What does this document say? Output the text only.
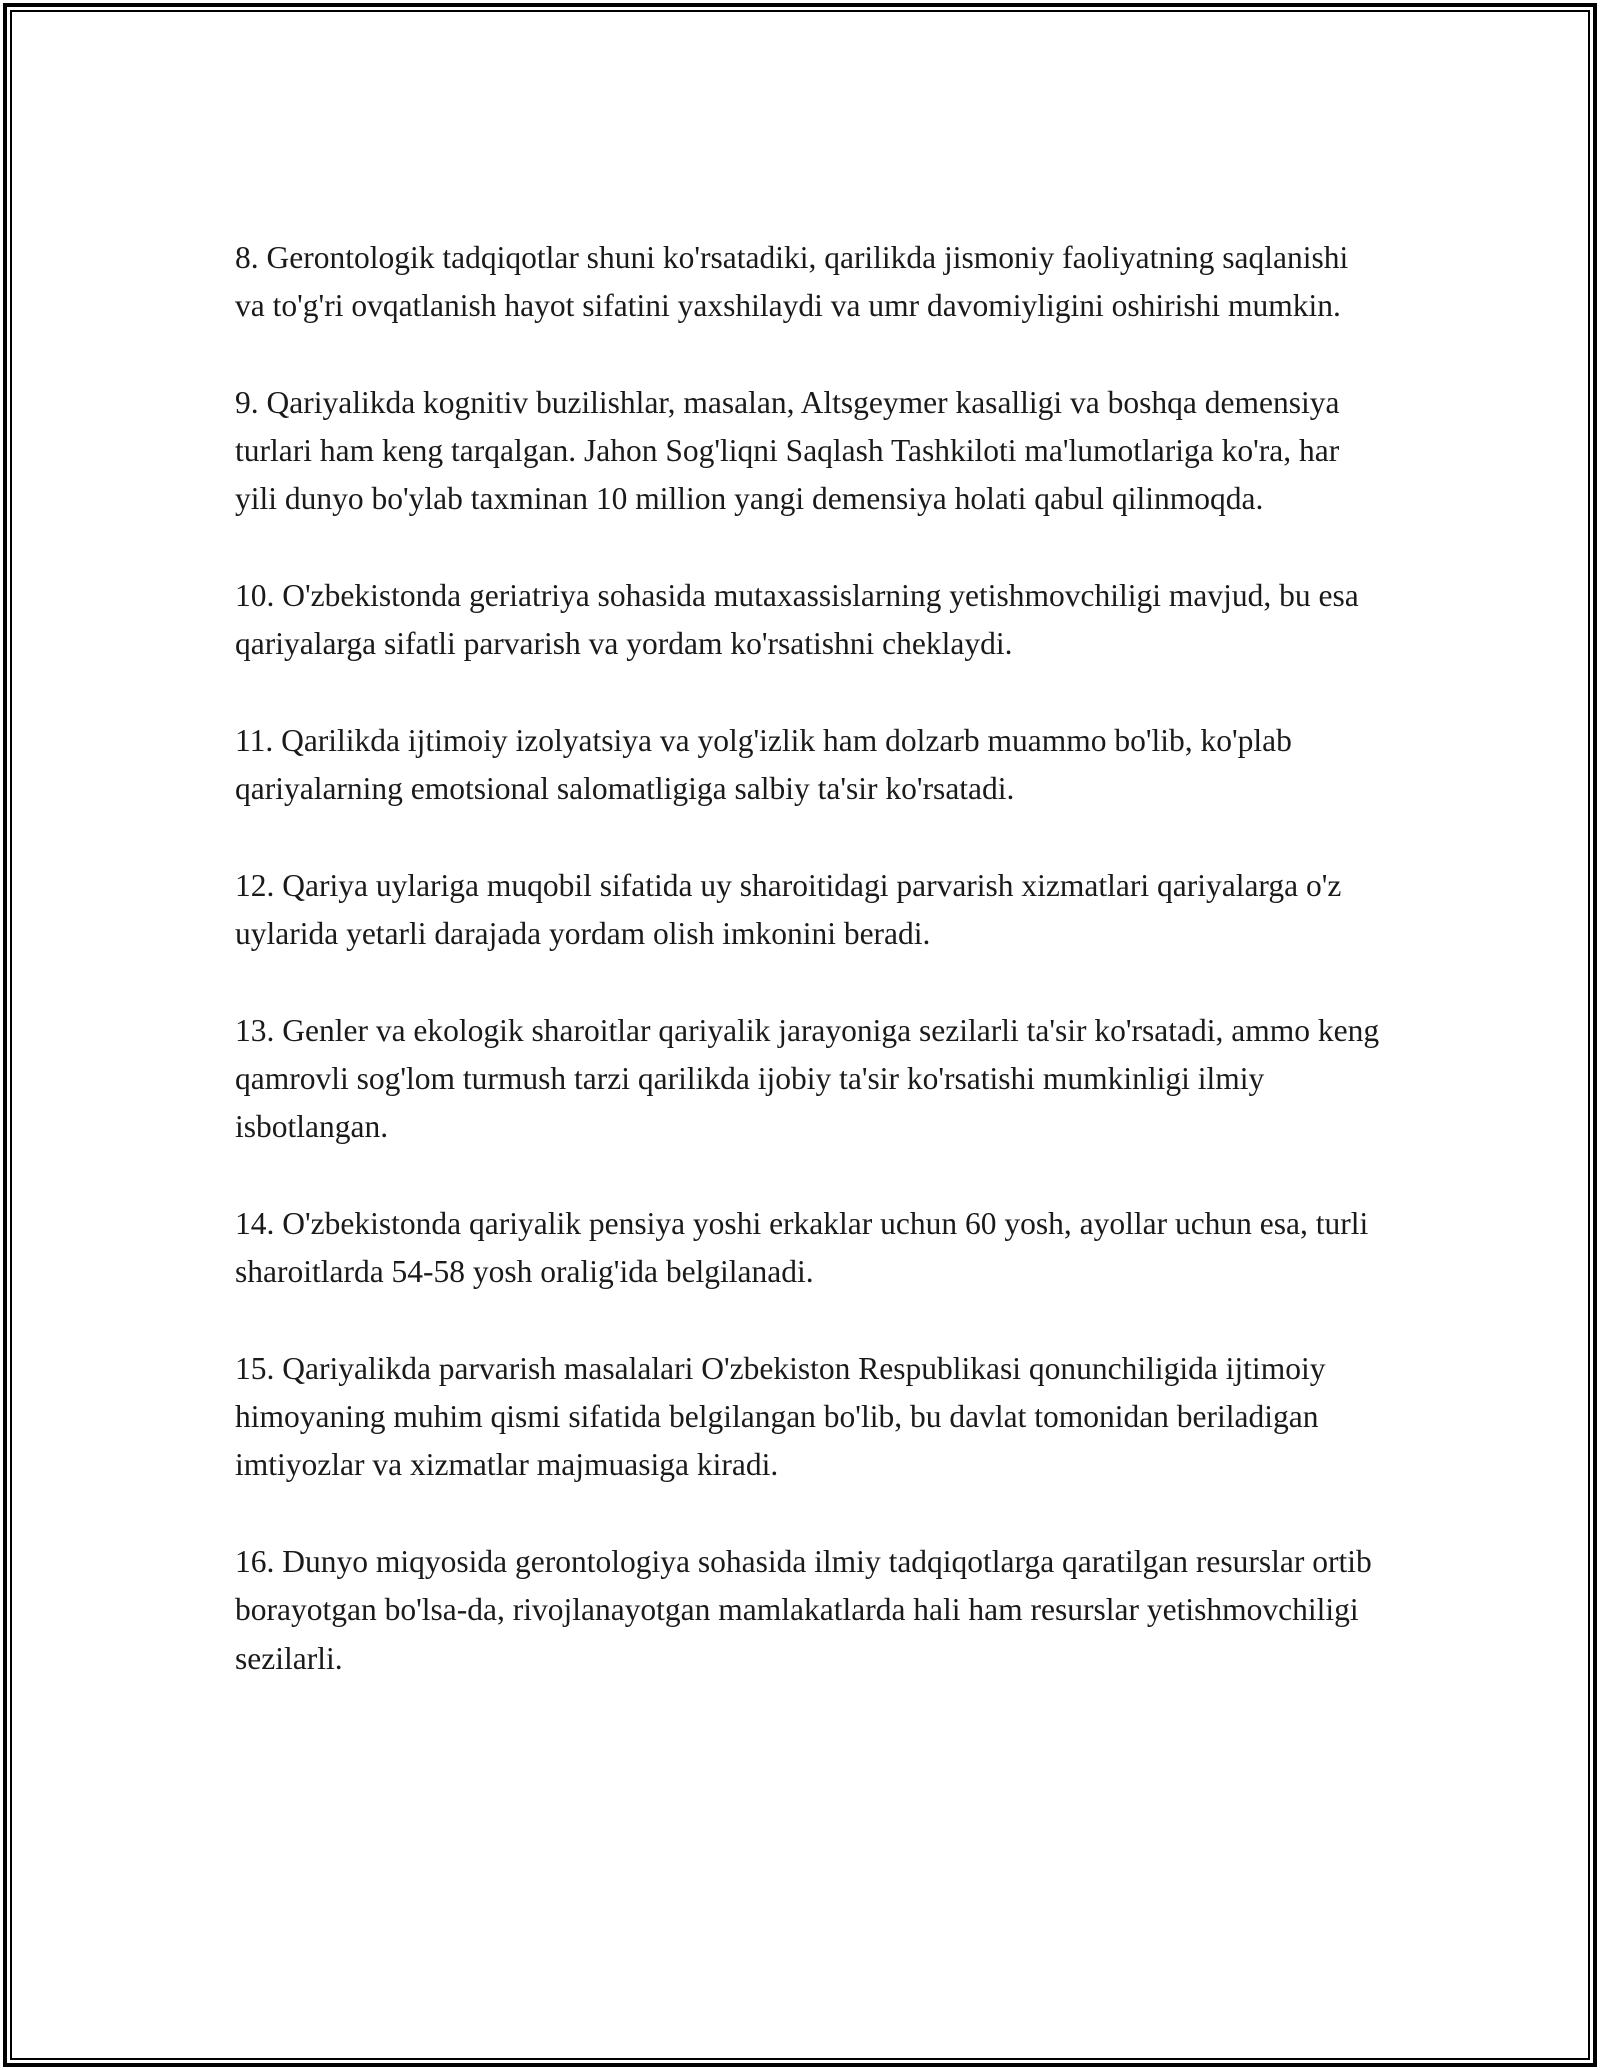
8. Gerontologik tadqiqotlar shuni ko'rsatadiki, qarilikda jismoniy faoliyatning saqlanishi va to'g'ri ovqatlanish hayot sifatini yaxshilaydi va umr davomiyligini oshirishi mumkin.

9. Qariyalikda kognitiv buzilishlar, masalan, Altsgeymer kasalligi va boshqa demensiya turlari ham keng tarqalgan. Jahon Sog'liqni Saqlash Tashkiloti ma'lumotlariga ko'ra, har yili dunyo bo'ylab taxminan 10 million yangi demensiya holati qabul qilinmoqda.

10. O'zbekistonda geriatriya sohasida mutaxassislarning yetishmovchiligi mavjud, bu esa qariyalarga sifatli parvarish va yordam ko'rsatishni cheklaydi.

11. Qarilikda ijtimoiy izolyatsiya va yolg'izlik ham dolzarb muammo bo'lib, ko'plab qariyalarning emotsional salomatligiga salbiy ta'sir ko'rsatadi.

12. Qariya uylariga muqobil sifatida uy sharoitidagi parvarish xizmatlari qariyalarga o'z uylarida yetarli darajada yordam olish imkonini beradi.

13. Genler va ekologik sharoitlar qariyalik jarayoniga sezilarli ta'sir ko'rsatadi, ammo keng qamrovli sog'lom turmush tarzi qarilikda ijobiy ta'sir ko'rsatishi mumkinligi ilmiy isbotlangan.

14. O'zbekistonda qariyalik pensiya yoshi erkaklar uchun 60 yosh, ayollar uchun esa, turli sharoitlarda 54-58 yosh oralig'ida belgilanadi.

15. Qariyalikda parvarish masalalari O'zbekiston Respublikasi qonunchiligida ijtimoiy himoyaning muhim qismi sifatida belgilangan bo'lib, bu davlat tomonidan beriladigan imtiyozlar va xizmatlar majmuasiga kiradi.

16. Dunyo miqyosida gerontologiya sohasida ilmiy tadqiqotlarga qaratilgan resurslar ortib borayotgan bo'lsa-da, rivojlanayotgan mamlakatlarda hali ham resurslar yetishmovchiligi sezilarli.
